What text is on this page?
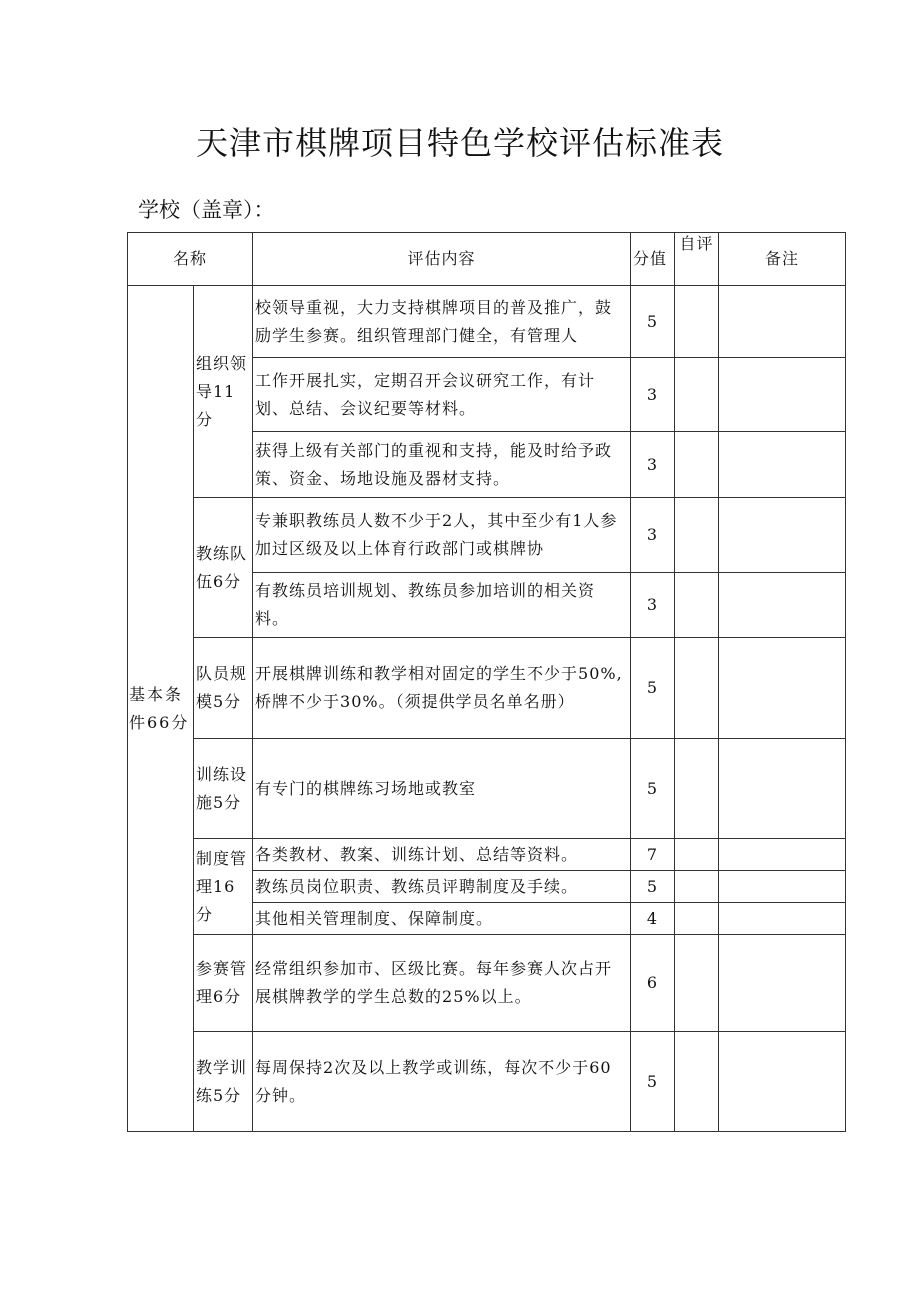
天津市棋牌项目特色学校评估标准表
学校（盖章）：
名称		评估内容	分值	自评	备注
基本条件66分	组织领导11分	校领导重视，大力支持棋牌项目的普及推广，鼓励学生参赛。组织管理部门健全，有管理人	5		
		工作开展扎实，定期召开会议研究工作，有计划、总结、会议纪要等材料。	3		
		获得上级有关部门的重视和支持，能及时给予政策、资金、场地设施及器材支持。	3		
	教练队伍6分	专兼职教练员人数不少于2人，其中至少有1人参加过区级及以上体育行政部门或棋牌协	3		
		有教练员培训规划、教练员参加培训的相关资料。	3		
	队员规模5分	开展棋牌训练和教学相对固定的学生不少于50%,桥牌不少于30%。（须提供学员名单名册）	5		
	训练设施5分	有专门的棋牌练习场地或教室	5		
	制度管理16分	各类教材、教案、训练计划、总结等资料。	7		
		教练员岗位职责、教练员评聘制度及手续。	5		
		其他相关管理制度、保障制度。	4		
	参赛管理6分	经常组织参加市、区级比赛。每年参赛人次占开展棋牌教学的学生总数的25%以上。	6		
	教学训练5分	每周保持2次及以上教学或训练，每次不少于60分钟。	5		
